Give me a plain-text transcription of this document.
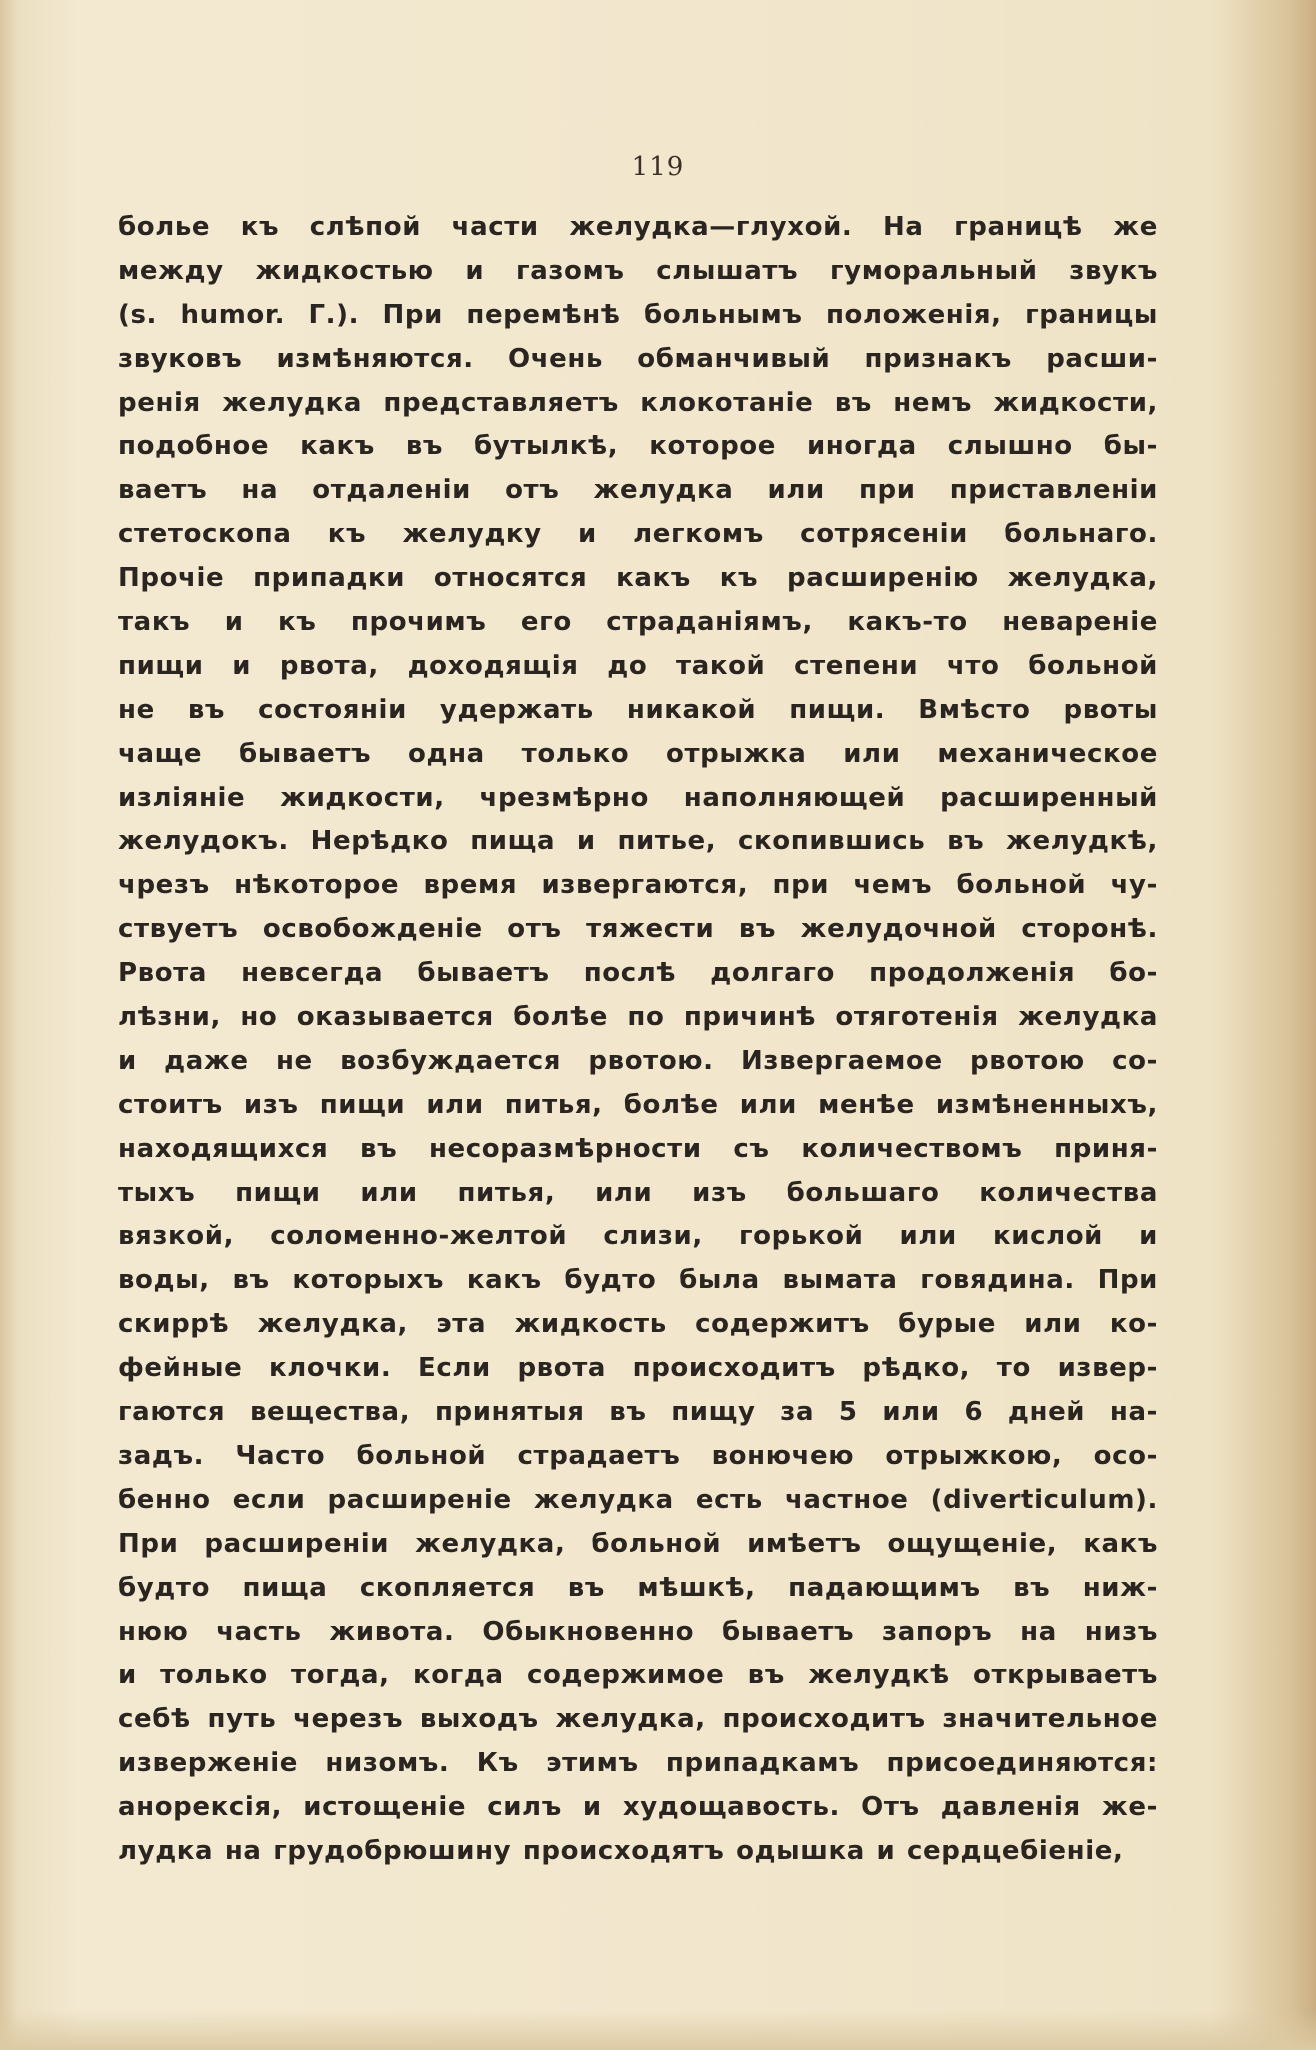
119
больe къ слѣпой части желудка—глухой. На границѣ же
между жидкостью и газомъ слышатъ гумoральный звукъ
(s. humor. Г.). При перемѣнѣ больнымъ положенія, границы
звуковъ измѣняются. Очень обманчивый признакъ расши-
ренія желудка представляетъ клокотаніе въ немъ жидкости,
подобное какъ въ бутылкѣ, которое иногда слышно бы-
ваетъ на отдаленіи отъ желудка или при приставленіи
стетоскопа къ желудку и легкомъ сотрясеніи больнаго.
Прочіе припадки относятся какъ къ расширенію желудка,
такъ и къ прочимъ его страданіямъ, какъ-то невареніе
пищи и рвота, доходящія до такой степени что больной
не въ состояніи удержать никакой пищи. Вмѣсто рвоты
чаще бываетъ одна только отрыжка или механическое
изліяніе жидкости, чрезмѣрно наполняющей расширенный
желудокъ. Нерѣдко пища и питье, скопившись въ желудкѣ,
чрезъ нѣкоторое время извергаются, при чемъ больной чу-
ствуетъ освобожденіе отъ тяжести въ желудочной сторонѣ.
Рвота невсегда бываетъ послѣ долгаго продолженія бо-
лѣзни, но оказывается болѣе по причинѣ отяготенія желудка
и даже не возбуждается рвотою. Извергаемое рвотою со-
стоитъ изъ пищи или питья, болѣе или менѣе измѣненныхъ,
находящихся въ несоразмѣрности съ количествомъ приня-
тыхъ пищи или питья, или изъ большаго количества
вязкой, соломенно-желтой слизи, горькой или кислой и
воды, въ которыхъ какъ будто была вымата говядина. При
скиррѣ желудка, эта жидкость содержитъ бурые или ко-
фейные клочки. Если рвота происходитъ рѣдко, то извер-
гаются вещества, принятыя въ пищу за 5 или 6 дней на-
задъ. Часто больной страдаетъ вонючею отрыжкою, осо-
бенно если расширеніе желудка есть частное (diverticulum).
При расширеніи желудка, больной имѣетъ ощущеніе, какъ
будто пища скопляется въ мѣшкѣ, падающимъ въ ниж-
нюю часть живота. Обыкновенно бываетъ запоръ на низъ
и только тогда, когда содержимое въ желудкѣ открываетъ
себѣ путь черезъ выходъ желудка, происходитъ значительное
изверженіе низомъ. Къ этимъ припадкамъ присоединяются:
анорексія, истощеніе силъ и худощавость. Отъ давленія же-
лудка на грудобрюшину происходятъ одышка и сердцебіеніе,
